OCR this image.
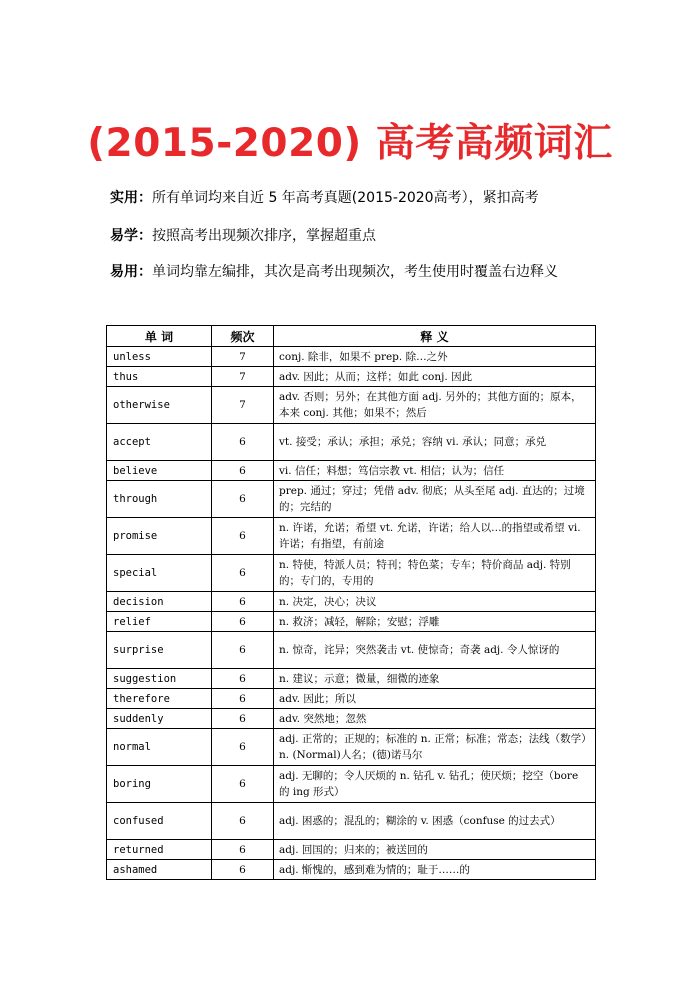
(2015-2020) 高考高频词汇
实用：所有单词均来自近 5 年高考真题(2015-2020高考），紧扣高考
易学：按照高考出现频次排序，掌握超重点
易用：单词均靠左编排，其次是高考出现频次，考生使用时覆盖右边释义
单 词	频次	释 义
unless	7	conj. 除非，如果不 prep. 除…之外
thus	7	adv. 因此；从而；这样；如此 conj. 因此
otherwise	7	adv. 否则；另外；在其他方面 adj. 另外的；其他方面的；原本，本来 conj. 其他；如果不；然后
accept	6	vt. 接受；承认；承担；承兑；容纳 vi. 承认；同意；承兑
believe	6	vi. 信任；料想；笃信宗教 vt. 相信；认为；信任
through	6	prep. 通过；穿过；凭借 adv. 彻底；从头至尾 adj. 直达的；过境的；完结的
promise	6	n. 许诺，允诺；希望 vt. 允诺，许诺；给人以…的指望或希望 vi. 许诺；有指望，有前途
special	6	n. 特使，特派人员；特刊；特色菜；专车；特价商品 adj. 特别的；专门的，专用的
decision	6	n. 决定，决心；决议
relief	6	n. 救济；减轻，解除；安慰；浮雕
surprise	6	n. 惊奇，诧异；突然袭击 vt. 使惊奇；奇袭 adj. 令人惊讶的
suggestion	6	n. 建议；示意；微量，细微的迹象
therefore	6	adv. 因此；所以
suddenly	6	adv. 突然地；忽然
normal	6	adj. 正常的；正规的；标准的 n. 正常；标准；常态；法线（数学）n. (Normal)人名；(德)诺马尔
boring	6	adj. 无聊的；令人厌烦的 n. 钻孔 v. 钻孔；使厌烦；挖空（bore 的 ing 形式）
confused	6	adj. 困惑的；混乱的；糊涂的 v. 困惑（confuse 的过去式）
returned	6	adj. 回国的；归来的；被送回的
ashamed	6	adj. 惭愧的，感到难为情的；耻于……的
